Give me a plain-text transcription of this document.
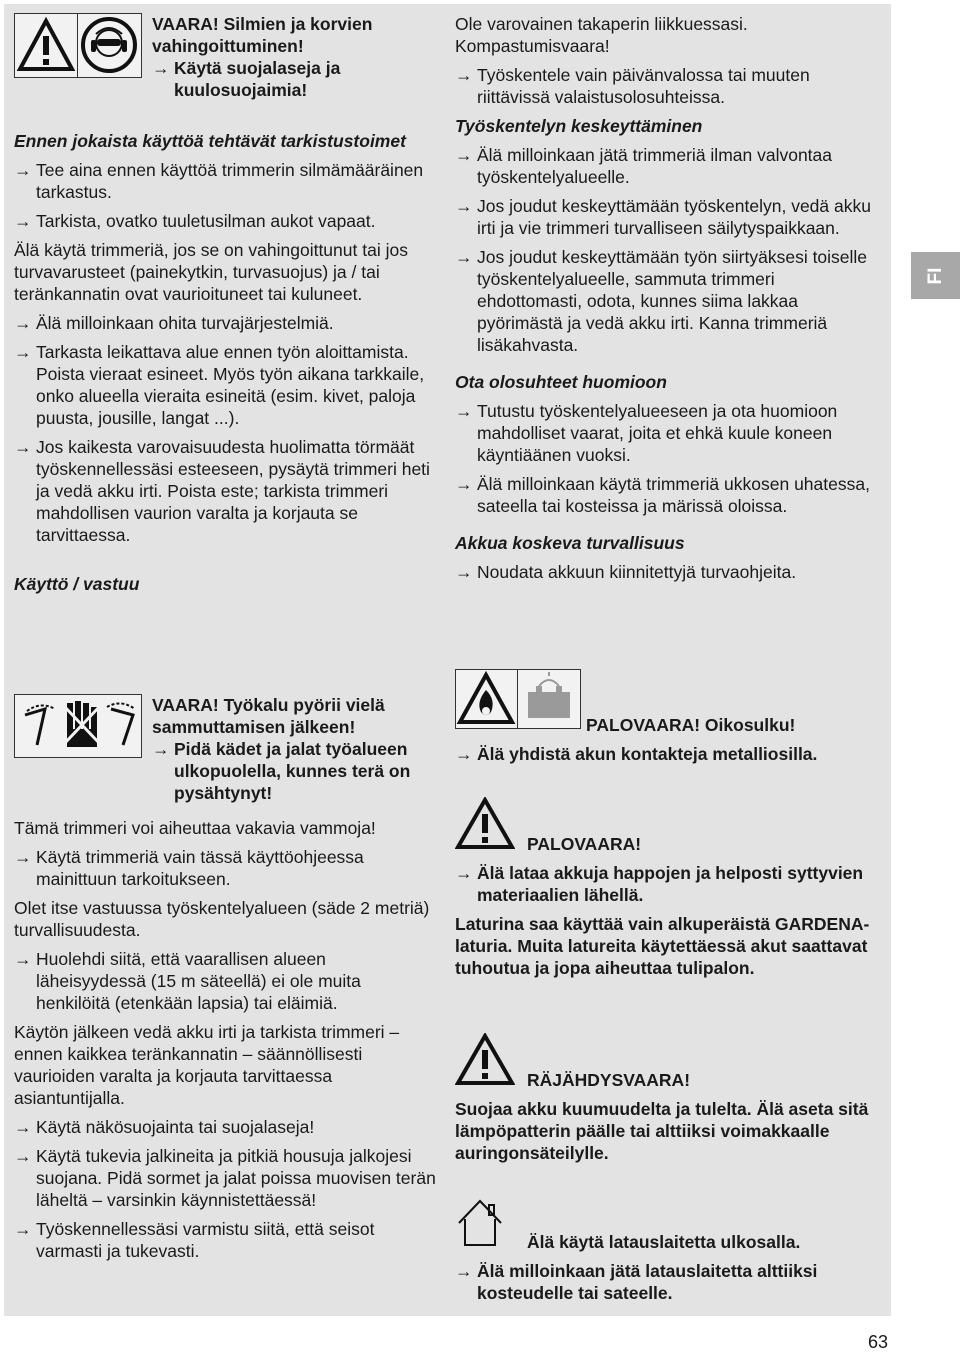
VAARA! Silmien ja korvien vahingoittuminen!

→ Käytä suojalaseja ja kuulosuojaimia!

Ennen jokaista käyttöä tehtävät tarkistustoimet

→ Tee aina ennen käyttöä trimmerin silmämääräinen tarkastus.

→ Tarkista, ovatko tuuletusilman aukot vapaat.

Älä käytä trimmeriä, jos se on vahingoittunut tai jos turvavarusteet (painekytkin, turvasuojus) ja / tai teränkannatin ovat vaurioituneet tai kuluneet.

→ Älä milloinkaan ohita turvajärjestelmiä.

→ Tarkasta leikattava alue ennen työn aloittamista. Poista vieraat esineet. Myös työn aikana tarkkaile, onko alueella vieraita esineitä (esim. kivet, paloja puusta, jousille, langat ...).

→ Jos kaikesta varovaisuudesta huolimatta törmäät työskennellessäsi esteeseen, pysäytä trimmeri heti ja vedä akku irti. Poista este; tarkista trimmeri mahdollisen vaurion varalta ja korjauta se tarvittaessa.

Käyttö / vastuu

VAARA! Työkalu pyörii vielä sammuttamisen jälkeen!

→ Pidä kädet ja jalat työalueen ulkopuolella, kunnes terä on pysähtynyt!

Tämä trimmeri voi aiheuttaa vakavia vammoja!

→ Käytä trimmeriä vain tässä käyttöohjeessa mainittuun tarkoitukseen.

Olet itse vastuussa työskentelyalueen (säde 2 metriä) turvallisuudesta.

→ Huolehdi siitä, että vaarallisen alueen läheisyydessä (15 m säteellä) ei ole muita henkilöitä (etenkään lapsia) tai eläimiä.

Käytön jälkeen vedä akku irti ja tarkista trimmeri – ennen kaikkea teränkannatin – säännöllisesti vaurioiden varalta ja korjauta tarvittaessa asiantuntijalla.

→ Käytä näkösuojainta tai suojalaseja!

→ Käytä tukevia jalkineita ja pitkiä housuja jalkojesi suojana. Pidä sormet ja jalat poissa muovisen terän läheltä – varsinkin käynnistettäessä!

→ Työskennellessäsi varmistu siitä, että seisot varmasti ja tukevasti.

Ole varovainen takaperin liikkuessasi. Kompastumisvaara!

→ Työskentele vain päivänvalossa tai muuten riittävissä valaistusolosuhteissa.

Työskentelyn keskeyttäminen

→ Älä milloinkaan jätä trimmeriä ilman valvontaa työskentelyalueelle.

→ Jos joudut keskeyttämään työskentelyn, vedä akku irti ja vie trimmeri turvalliseen säilytyspaikkaan.

→ Jos joudut keskeyttämään työn siirtyäksesi toiselle työskentelyalueelle, sammuta trimmeri ehdottomasti, odota, kunnes siima lakkaa pyörimästä ja vedä akku irti. Kanna trimmeriä lisäkahvasta.

Ota olosuhteet huomioon

→ Tutustu työskentelyalueeseen ja ota huomioon mahdolliset vaarat, joita et ehkä kuule koneen käyntiäänen vuoksi.

→ Älä milloinkaan käytä trimmeriä ukkosen uhatessa, sateella tai kosteissa ja märissä oloissa.

Akkua koskeva turvallisuus

→ Noudata akkuun kiinnitettyjä turvaohjeita.

PALOVAARA! Oikosulku!

→ Älä yhdistä akun kontakteja metalliosilla.

PALOVAARA!

→ Älä lataa akkuja happojen ja helposti syttyvien materiaalien lähellä.

Laturina saa käyttää vain alkuperäistä GARDENA-laturia. Muita latureita käytettäessä akut saattavat tuhoutua ja jopa aiheuttaa tulipalon.

RÄJÄHDYSVAARA!

Suojaa akku kuumuudelta ja tulelta. Älä aseta sitä lämpöpatterin päälle tai alttiiksi voimakkaalle auringonsäteilylle.

Älä käytä latauslaitetta ulkosalla.

→ Älä milloinkaan jätä latauslaitetta alttiiksi kosteudelle tai sateelle.

FI
63
